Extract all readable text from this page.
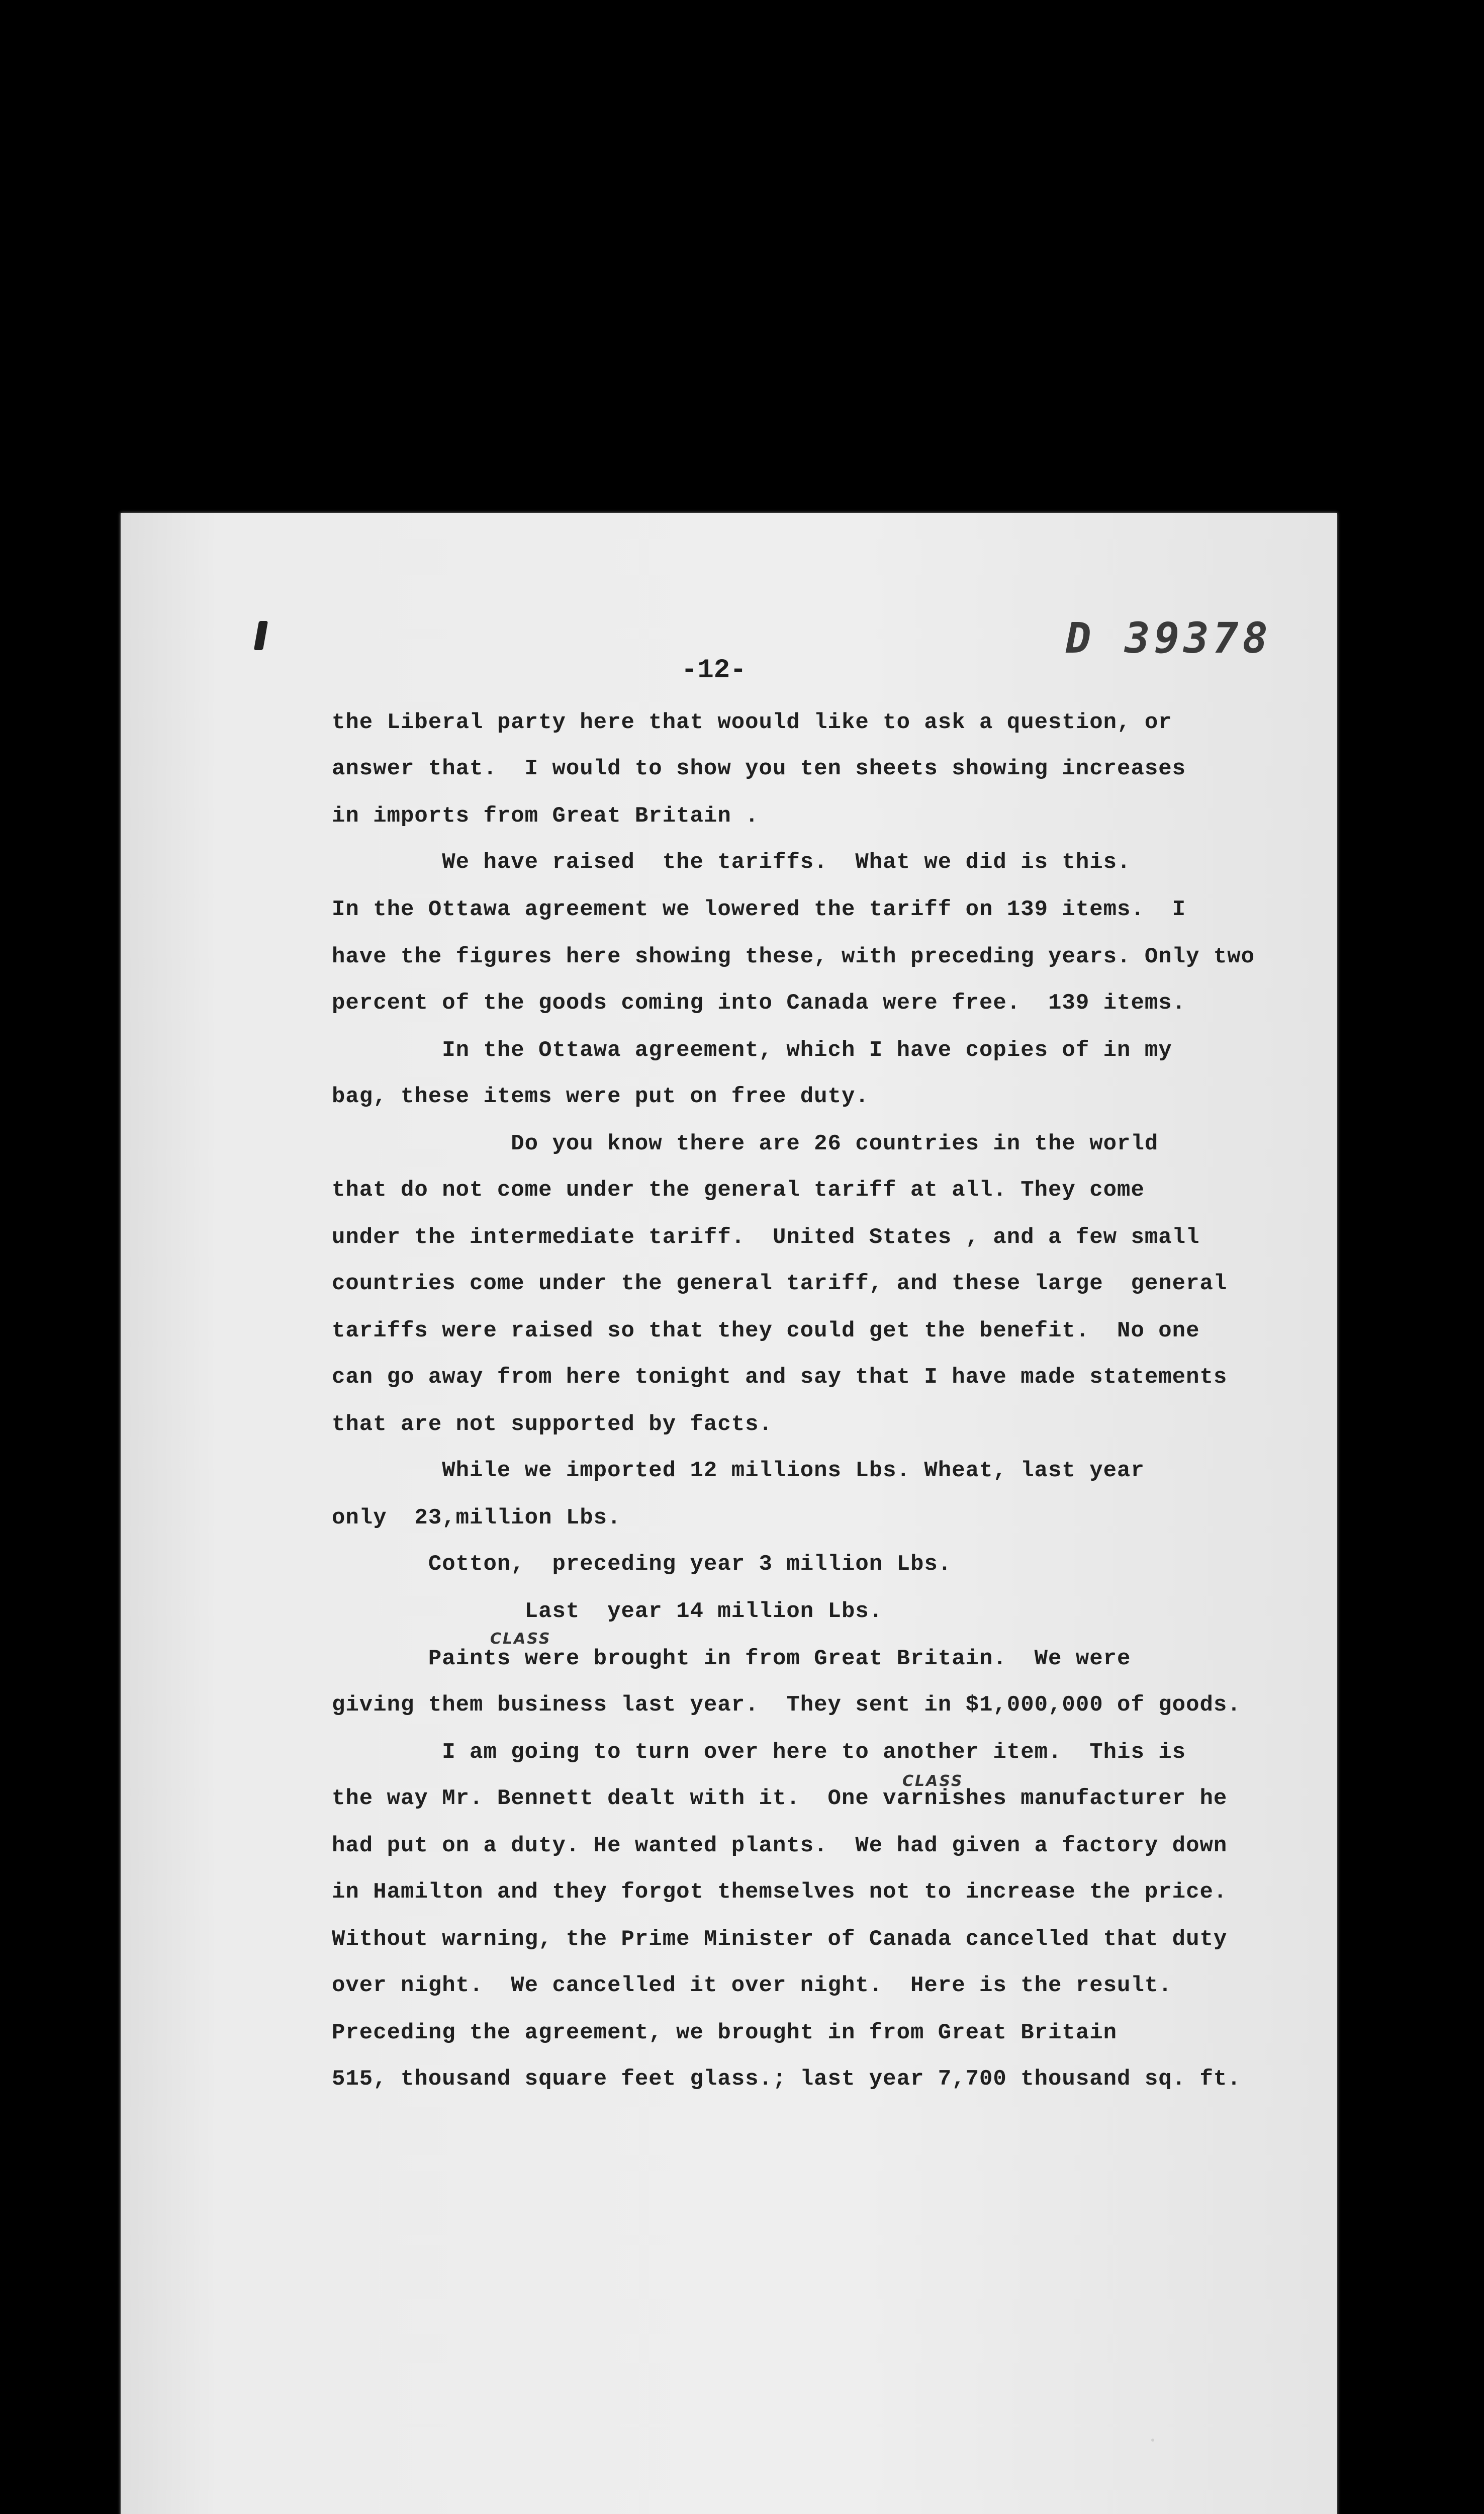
D 39378
-12-
the Liberal party here that woould like to ask a question, or
answer that.  I would to show you ten sheets showing increases
in imports from Great Britain .
We have raised  the tariffs.  What we did is this.
In the Ottawa agreement we lowered the tariff on 139 items.  I
have the figures here showing these, with preceding years. Only two
percent of the goods coming into Canada were free.  139 items.
In the Ottawa agreement, which I have copies of in my
bag, these items were put on free duty.
Do you know there are 26 countries in the world
that do not come under the general tariff at all. They come
under the intermediate tariff.  United States , and a few small
countries come under the general tariff, and these large  general
tariffs were raised so that they could get the benefit.  No one
can go away from here tonight and say that I have made statements
that are not supported by facts.
While we imported 12 millions Lbs. Wheat, last year
only  23,million Lbs.
Cotton,  preceding year 3 million Lbs.
Last  year 14 million Lbs.
CLASS
Paints were brought in from Great Britain.  We were
giving them business last year.  They sent in $1,000,000 of goods.
I am going to turn over here to another item.  This is
CLASS
the way Mr. Bennett dealt with it.  One varnishes manufacturer he
had put on a duty. He wanted plants.  We had given a factory down
in Hamilton and they forgot themselves not to increase the price.
Without warning, the Prime Minister of Canada cancelled that duty
over night.  We cancelled it over night.  Here is the result.
Preceding the agreement, we brought in from Great Britain
515, thousand square feet glass.; last year 7,700 thousand sq. ft.
